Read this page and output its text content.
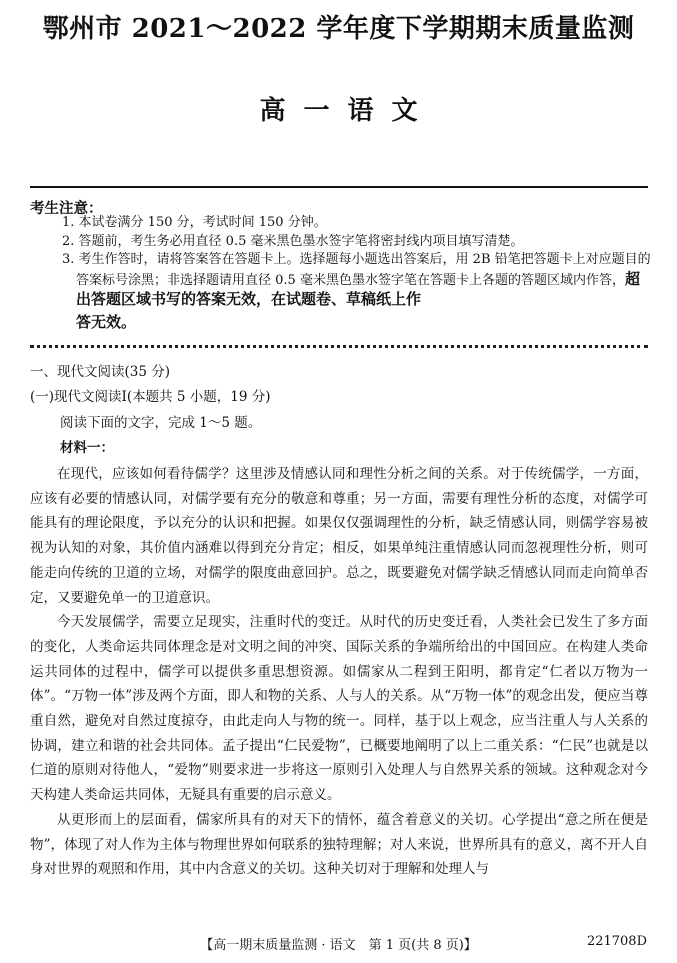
鄂州市 2021～2022 学年度下学期期末质量监测
高一语文
考生注意：
1. 本试卷满分 150 分，考试时间 150 分钟。
2. 答题前，考生务必用直径 0.5 毫米黑色墨水签字笔将密封线内项目填写清楚。
3. 考生作答时，请将答案答在答题卡上。选择题每小题选出答案后，用 2B 铅笔把答题卡上对应题目的答案标号涂黑；非选择题请用直径 0.5 毫米黑色墨水签字笔在答题卡上各题的答题区域内作答，超出答题区域书写的答案无效，在试题卷、草稿纸上作
答无效。
一、现代文阅读(35 分)
(一)现代文阅读Ⅰ(本题共 5 小题，19 分)
阅读下面的文字，完成 1～5 题。
材料一：

在现代，应该如何看待儒学？这里涉及情感认同和理性分析之间的关系。对于传统儒学，一方面，应该有必要的情感认同，对儒学要有充分的敬意和尊重；另一方面，需要有理性分析的态度，对儒学可能具有的理论限度，予以充分的认识和把握。如果仅仅强调理性的分析，缺乏情感认同，则儒学容易被视为认知的对象，其价值内涵难以得到充分肯定；相反，如果单纯注重情感认同而忽视理性分析，则可能走向传统的卫道的立场，对儒学的限度曲意回护。总之，既要避免对儒学缺乏情感认同而走向简单否定，又要避免单一的卫道意识。

今天发展儒学，需要立足现实，注重时代的变迁。从时代的历史变迁看，人类社会已发生了多方面的变化，人类命运共同体理念是对文明之间的冲突、国际关系的争端所给出的中国回应。在构建人类命运共同体的过程中，儒学可以提供多重思想资源。如儒家从二程到王阳明，都肯定“仁者以万物为一体”。“万物一体”涉及两个方面，即人和物的关系、人与人的关系。从“万物一体”的观念出发，便应当尊重自然，避免对自然过度掠夺，由此走向人与物的统一。同样，基于以上观念，应当注重人与人关系的协调，建立和谐的社会共同体。孟子提出“仁民爱物”，已概要地阐明了以上二重关系：“仁民”也就是以仁道的原则对待他人，“爱物”则要求进一步将这一原则引入处理人与自然界关系的领域。这种观念对今天构建人类命运共同体，无疑具有重要的启示意义。

从更形而上的层面看，儒家所具有的对天下的情怀，蕴含着意义的关切。心学提出“意之所在便是物”，体现了对人作为主体与物理世界如何联系的独特理解；对人来说，世界所具有的意义，离不开人自身对世界的观照和作用，其中内含意义的关切。这种关切对于理解和处理人与

【高一期末质量监测 · 语文　第 1 页(共 8 页)】	221708D
